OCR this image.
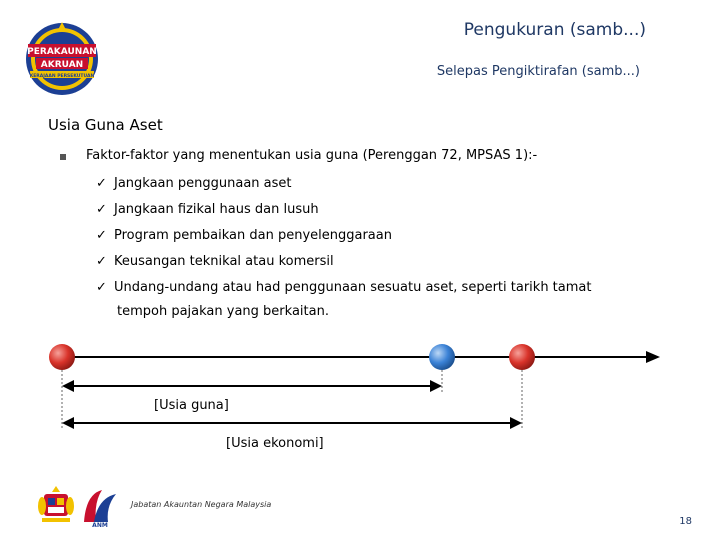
PERAKAUNAN
AKRUAN
KERAJAAN PERSEKUTUAN
Pengukuran (samb...)
Selepas Pengiktirafan (samb...)
Usia Guna Aset
Faktor-faktor yang menentukan usia guna (Perenggan 72, MPSAS 1):-
✓ Jangkaan penggunaan aset
✓ Jangkaan fizikal haus dan lusuh
✓ Program pembaikan dan penyelenggaraan
✓ Keusangan teknikal atau komersil
✓ Undang-undang atau had penggunaan sesuatu aset, seperti tarikh tamat
tempoh pajakan yang berkaitan.
[Usia guna]
[Usia ekonomi]
ANM
Jabatan Akauntan Negara Malaysia
18
